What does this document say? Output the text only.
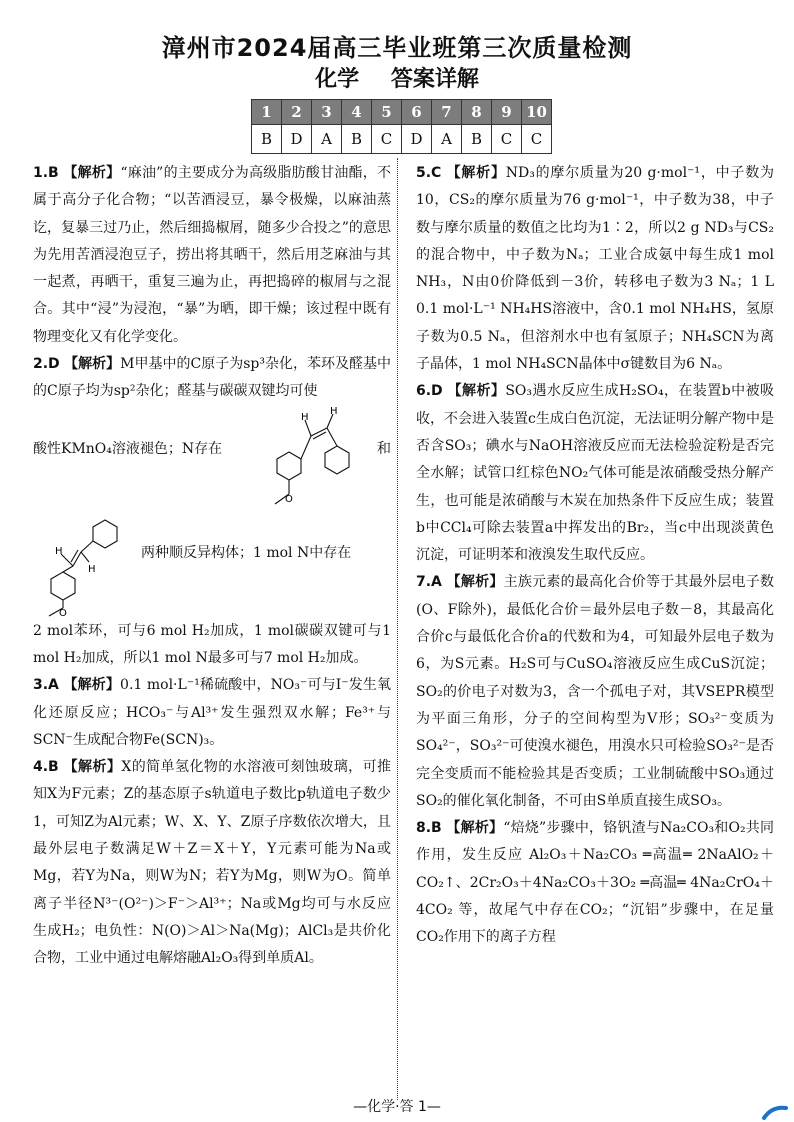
漳州市2024届高三毕业班第三次质量检测
化学 答案详解
1	2	3	4	5	6	7	8	9	10
B	D	A	B	C	D	A	B	C	C

1.B 【解析】“麻油”的主要成分为高级脂肪酸甘油酯，不属于高分子化合物；“以苦酒浸豆，暴令极燥，以麻油蒸讫，复暴三过乃止，然后细捣椒屑，随多少合投之”的意思为先用苦酒浸泡豆子，捞出将其晒干，然后用芝麻油与其一起煮，再晒干，重复三遍为止，再把捣碎的椒屑与之混合。其中“浸”为浸泡，“暴”为晒，即干燥；该过程中既有物理变化又有化学变化。

2.D 【解析】M甲基中的C原子为sp³杂化，苯环及醛基中的C原子均为sp²杂化；醛基与碳碳双键均可使
酸性KMnO₄溶液褪色；N存在
H
H
O
和
H
H
O
两种顺反异构体；1 mol N中存在
2 mol苯环，可与6 mol H₂加成，1 mol碳碳双键可与1 mol H₂加成，所以1 mol N最多可与7 mol H₂加成。

3.A 【解析】0.1 mol·L⁻¹稀硫酸中，NO₃⁻可与I⁻发生氧化还原反应；HCO₃⁻与Al³⁺发生强烈双水解；Fe³⁺与SCN⁻生成配合物Fe(SCN)₃。

4.B 【解析】X的简单氢化物的水溶液可刻蚀玻璃，可推知X为F元素；Z的基态原子s轨道电子数比p轨道电子数少1，可知Z为Al元素；W、X、Y、Z原子序数依次增大，且最外层电子数满足W＋Z＝X＋Y，Y元素可能为Na或Mg，若Y为Na，则W为N；若Y为Mg，则W为O。简单离子半径N³⁻(O²⁻)＞F⁻＞Al³⁺；Na或Mg均可与水反应生成H₂；电负性：N(O)＞Al＞Na(Mg)；AlCl₃是共价化合物，工业中通过电解熔融Al₂O₃得到单质Al。

5.C 【解析】ND₃的摩尔质量为20 g·mol⁻¹，中子数为10，CS₂的摩尔质量为76 g·mol⁻¹，中子数为38，中子数与摩尔质量的数值之比均为1∶2，所以2 g ND₃与CS₂的混合物中，中子数为Nₐ；工业合成氨中每生成1 mol NH₃，N由0价降低到－3价，转移电子数为3 Nₐ；1 L 0.1 mol·L⁻¹ NH₄HS溶液中，含0.1 mol NH₄HS，氢原子数为0.5 Nₐ，但溶剂水中也有氢原子；NH₄SCN为离子晶体，1 mol NH₄SCN晶体中σ键数目为6 Nₐ。

6.D 【解析】SO₃遇水反应生成H₂SO₄，在装置b中被吸收，不会进入装置c生成白色沉淀，无法证明分解产物中是否含SO₃；碘水与NaOH溶液反应而无法检验淀粉是否完全水解；试管口红棕色NO₂气体可能是浓硝酸受热分解产生，也可能是浓硝酸与木炭在加热条件下反应生成；装置b中CCl₄可除去装置a中挥发出的Br₂，当c中出现淡黄色沉淀，可证明苯和液溴发生取代反应。

7.A 【解析】主族元素的最高化合价等于其最外层电子数(O、F除外)，最低化合价＝最外层电子数－8，其最高化合价c与最低化合价a的代数和为4，可知最外层电子数为6，为S元素。H₂S可与CuSO₄溶液反应生成CuS沉淀；SO₂的价电子对数为3，含一个孤电子对，其VSEPR模型为平面三角形，分子的空间构型为V形；SO₃²⁻变质为SO₄²⁻，SO₃²⁻可使溴水褪色，用溴水只可检验SO₃²⁻是否完全变质而不能检验其是否变质；工业制硫酸中SO₃通过SO₂的催化氧化制备，不可由S单质直接生成SO₃。

8.B 【解析】“焙烧”步骤中，铬钒渣与Na₂CO₃和O₂共同作用，发生反应 Al₂O₃＋Na₂CO₃ ═高温═ 2NaAlO₂＋CO₂↑、2Cr₂O₃＋4Na₂CO₃＋3O₂ ═高温═ 4Na₂CrO₄＋4CO₂ 等，故尾气中存在CO₂；“沉铝”步骤中，在足量CO₂作用下的离子方程

—化学·答 1—
